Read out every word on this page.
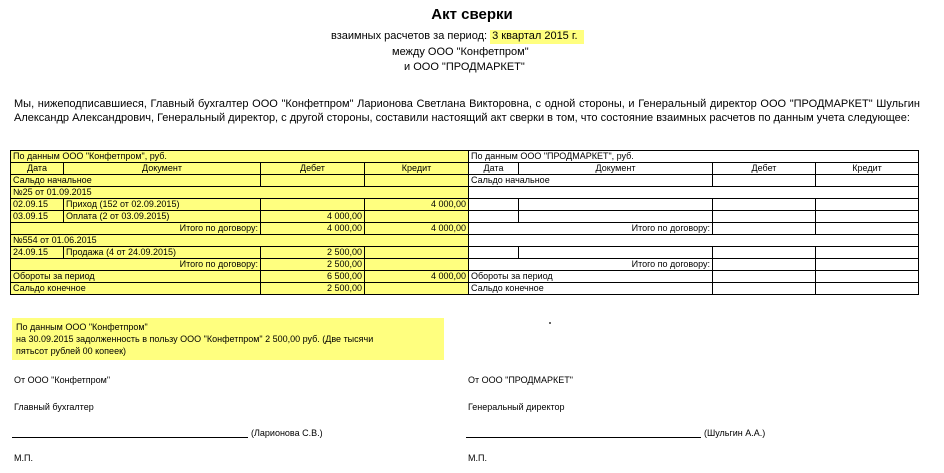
Акт сверки
взаимных расчетов за период: 3 квартал 2015 г.
между ООО "Конфетпром"
и ООО "ПРОДМАРКЕТ"
Мы, нижеподписавшиеся, Главный бухгалтер ООО "Конфетпром" Ларионова Светлана Викторовна, с одной стороны, и Генеральный директор ООО "ПРОДМАРКЕТ" Шульгин Александр Александрович, Генеральный директор, с другой стороны, составили настоящий акт сверки в том, что состояние взаимных расчетов по данным учета следующее:
По данным ООО "Конфетпром", руб.				По данным ООО "ПРОДМАРКЕТ", руб.			
Дата	Документ	Дебет	Кредит	Дата	Документ	Дебет	Кредит
Сальдо начальное				Сальдо начальное			
№25 от 01.09.2015							
02.09.15	Приход (152 от 02.09.2015)		4 000,00				
03.09.15	Оплата (2 от 03.09.2015)	4 000,00					
Итого по договору:		4 000,00	4 000,00	Итого по договору:			
№554 от 01.06.2015							
24.09.15	Продажа (4 от 24.09.2015)	2 500,00					
Итого по договору:		2 500,00		Итого по договору:			
Обороты за период		6 500,00	4 000,00	Обороты за период			
Сальдо конечное		2 500,00		Сальдо конечное			
По данным ООО "Конфетпром"
на 30.09.2015 задолженность в пользу ООО "Конфетпром" 2 500,00 руб. (Две тысячи
пятьсот рублей 00 копеек)
От ООО "Конфетпром"
Главный бухгалтер
(Ларионова С.В.)
М.П.
От ООО "ПРОДМАРКЕТ"
Генеральный директор
(Шульгин А.А.)
М.П.
